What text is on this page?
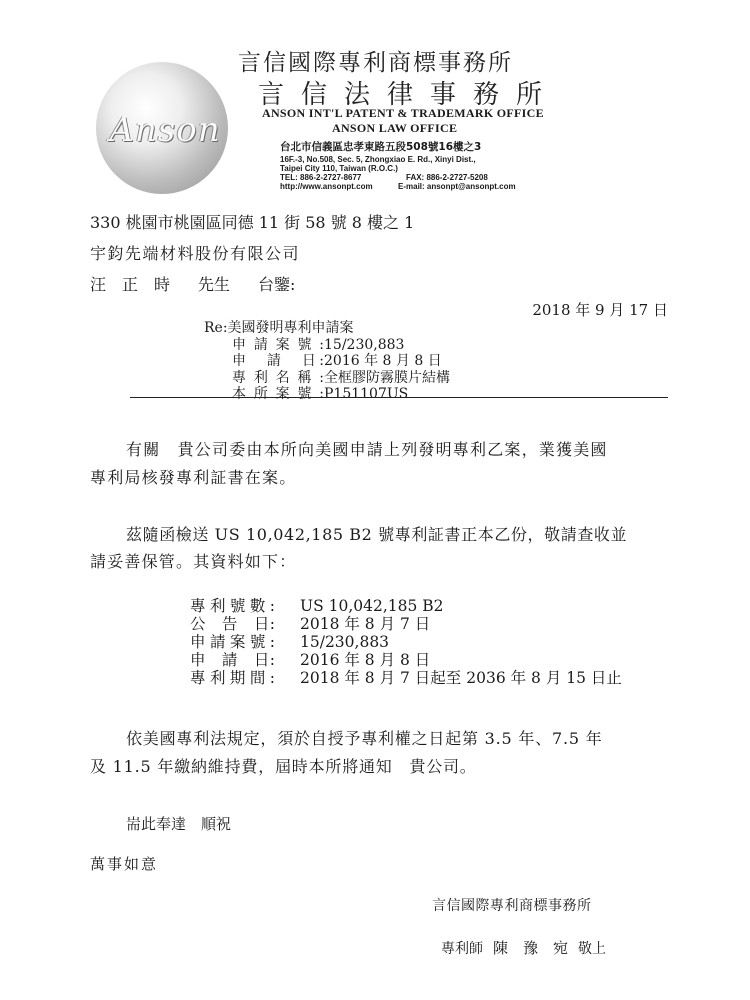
Anson
言信國際專利商標事務所
言信法律事務所
ANSON INT'L PATENT & TRADEMARK OFFICE
ANSON LAW OFFICE
台北市信義區忠孝東路五段508號16樓之3
16F.-3, No.508, Sec. 5, Zhongxiao E. Rd., Xinyi Dist.,
Taipei City 110, Taiwan (R.O.C.)
TEL: 886-2-2727-8677	FAX: 886-2-2727-5208
http://www.ansonpt.com	E-mail: ansonpt@ansonpt.com
330 桃園市桃園區同德 11 街 58 號 8 樓之 1
宇鈞先端材料股份有限公司
汪　正　時 先生 台鑒:
2018 年 9 月 17 日
Re:美國發明專利申請案
申請案號: 15/230,883
申　請　日: 2016 年 8 月 8 日
專利名稱: 全框膠防霧膜片結構
本所案號: P151107US
有關　貴公司委由本所向美國申請上列發明專利乙案，業獲美國
專利局核發專利証書在案。
茲隨函檢送 US 10,042,185 B2 號專利証書正本乙份，敬請查收並
請妥善保管。其資料如下：
專利號數: US 10,042,185 B2
公　告　日: 2018 年 8 月 7 日
申請案號: 15/230,883
申　請　日: 2016 年 8 月 8 日
專利期間: 2018 年 8 月 7 日起至 2036 年 8 月 15 日止
依美國專利法規定，須於自授予專利權之日起第 3.5 年、7.5 年
及 11.5 年繳納維持費，屆時本所將通知　貴公司。
耑此奉達　順祝
萬事如意
言信國際專利商標事務所
專利師 陳　豫　宛 敬上
